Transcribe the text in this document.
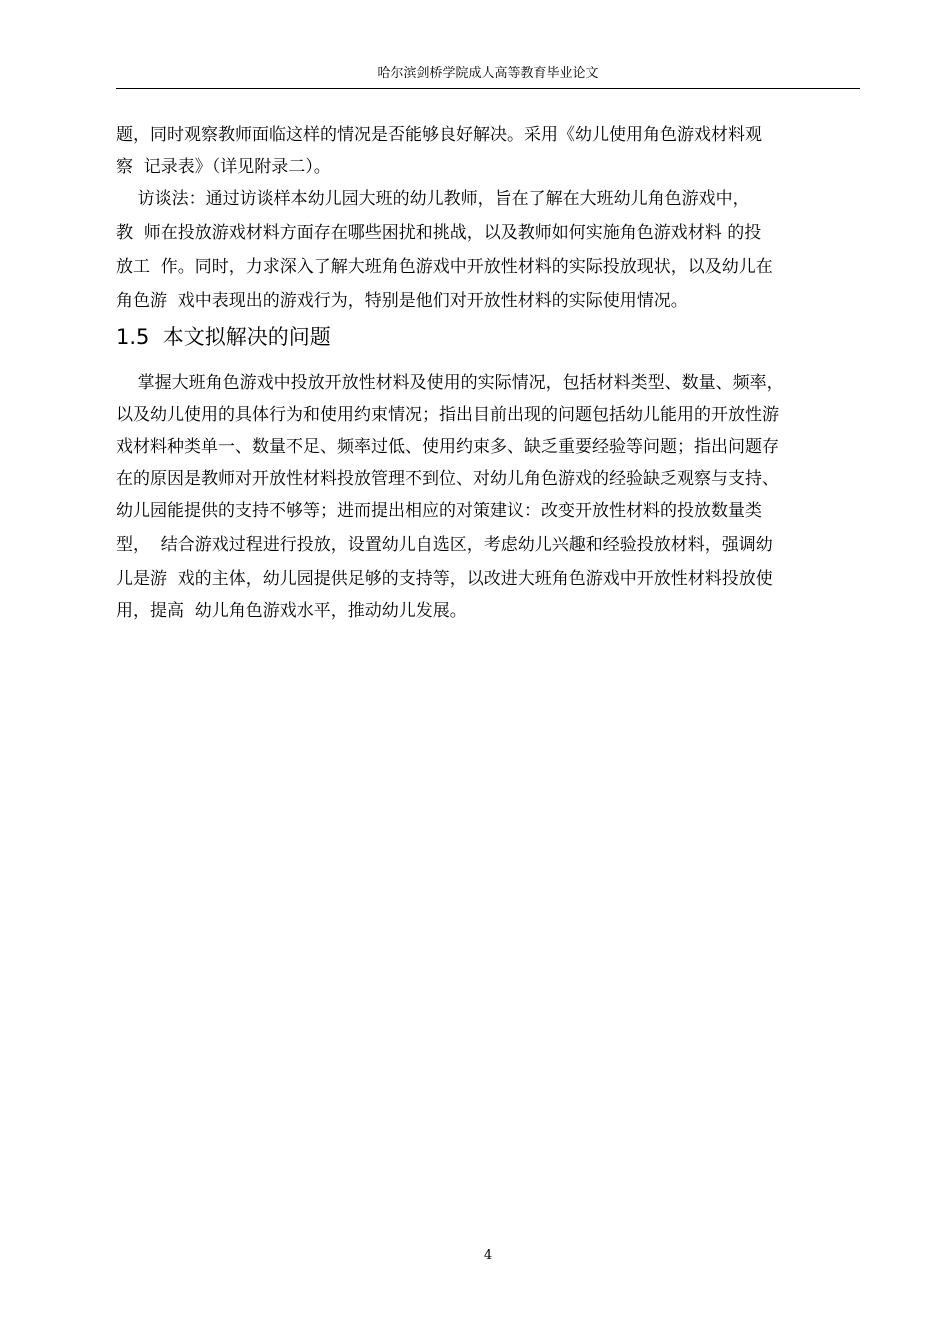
哈尔滨剑桥学院成人高等教育毕业论文

题，同时观察教师面临这样的情况是否能够良好解决。采用《幼儿使用角色游戏材料观

察  记录表》（详见附录二）。

访谈法：通过访谈样本幼儿园大班的幼儿教师，旨在了解在大班幼儿角色游戏中，

教  师在投放游戏材料方面存在哪些困扰和挑战，以及教师如何实施角色游戏材料 的投

放工  作。同时，力求深入了解大班角色游戏中开放性材料的实际投放现状，以及幼儿在

角色游  戏中表现出的游戏行为，特别是他们对开放性材料的实际使用情况。

1.5  本文拟解决的问题

掌握大班角色游戏中投放开放性材料及使用的实际情况，包括材料类型、数量、频率，

以及幼儿使用的具体行为和使用约束情况；指出目前出现的问题包括幼儿能用的开放性游

戏材料种类单一、数量不足、频率过低、使用约束多、缺乏重要经验等问题；指出问题存

在的原因是教师对开放性材料投放管理不到位、对幼儿角色游戏的经验缺乏观察与支持、

幼儿园能提供的支持不够等；进而提出相应的对策建议：改变开放性材料的投放数量类

型，  结合游戏过程进行投放，设置幼儿自选区，考虑幼儿兴趣和经验投放材料，强调幼

儿是游  戏的主体，幼儿园提供足够的支持等，以改进大班角色游戏中开放性材料投放使

用，提高  幼儿角色游戏水平，推动幼儿发展。

4
